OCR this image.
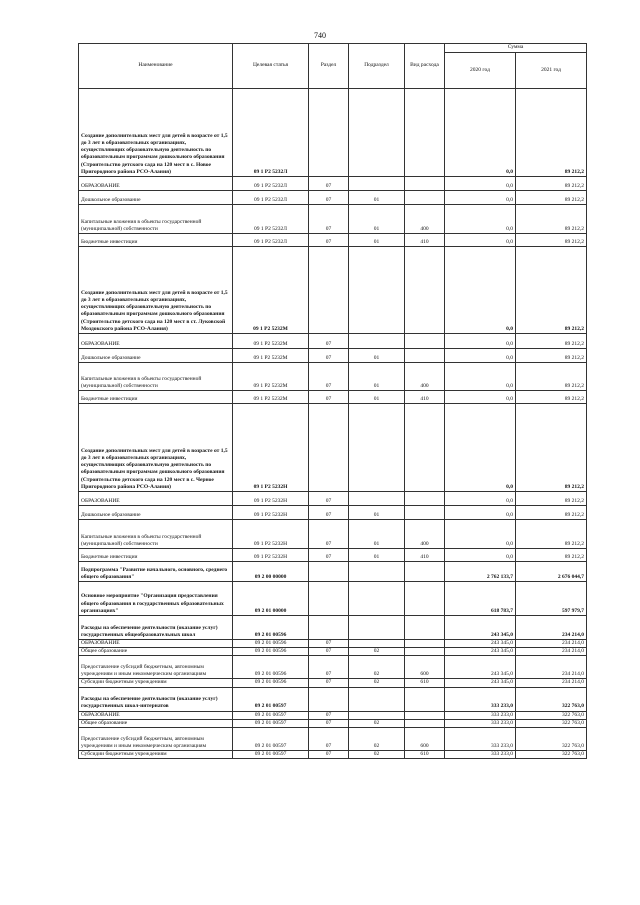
740
Наименование	Целевая статья	Раздел	Подраздел	Вид расхода	Сумма	
					2020 год	2021 год
Создание дополнительных мест для детей в возрасте от 1,5 до 3 лет в образовательных организациях, осуществляющих образовательную деятельность по образовательным программам дошкольного образования (Строительство детского сада на 120 мест в с. Новое Пригородного района РСО-Алания)	09 1 Р2 5232Л				0,0	89 212,2
ОБРАЗОВАНИЕ	09 1 Р2 5232Л	07			0,0	89 212,2
Дошкольное образование	09 1 Р2 5232Л	07	01		0,0	89 212,2
Капитальные вложения в объекты государственной (муниципальной) собственности	09 1 Р2 5232Л	07	01	400	0,0	89 212,2
Бюджетные инвестиции	09 1 Р2 5232Л	07	01	410	0,0	89 212,2
Создание дополнительных мест для детей в возрасте от 1,5 до 3 лет в образовательных организациях, осуществляющих образовательную деятельность по образовательным программам дошкольного образования (Строительство детского сада на 120 мест в ст. Луковской Моздокского района РСО-Алания)	09 1 Р2 5232М				0,0	89 212,2
ОБРАЗОВАНИЕ	09 1 Р2 5232М	07			0,0	89 212,2
Дошкольное образование	09 1 Р2 5232М	07	01		0,0	89 212,2
Капитальные вложения в объекты государственной (муниципальной) собственности	09 1 Р2 5232М	07	01	400	0,0	89 212,2
Бюджетные инвестиции	09 1 Р2 5232М	07	01	410	0,0	89 212,2
Создание дополнительных мест для детей в возрасте от 1,5 до 3 лет в образовательных организациях, осуществляющих образовательную деятельность по образовательным программам дошкольного образования (Строительство детского сада на 120 мест в с. Черное Пригородного района РСО-Алания)	09 1 Р2 5232Н				0,0	89 212,2
ОБРАЗОВАНИЕ	09 1 Р2 5232Н	07			0,0	89 212,2
Дошкольное образование	09 1 Р2 5232Н	07	01		0,0	89 212,2
Капитальные вложения в объекты государственной (муниципальной) собственности	09 1 Р2 5232Н	07	01	400	0,0	89 212,2
Бюджетные инвестиции	09 1 Р2 5232Н	07	01	410	0,0	89 212,2
Подпрограмма "Развитие начального, основного, среднего общего образования"	09 2 00 00000				2 762 133,7	2 676 044,7
Основное мероприятие "Организация предоставления общего образования в государственных образовательных организациях"	09 2 01 00000				618 783,7	597 979,7
Расходы на обеспечение деятельности (оказание услуг) государственных общеобразовательных школ	09 2 01 00596				243 345,0	234 214,0
ОБРАЗОВАНИЕ	09 2 01 00596	07			243 345,0	234 214,0
Общее образование	09 2 01 00596	07	02		243 345,0	234 214,0
Предоставление субсидий бюджетным, автономным учреждениям и иным некоммерческим организациям	09 2 01 00596	07	02	600	243 345,0	234 214,0
Субсидии бюджетным учреждениям	09 2 01 00596	07	02	610	243 345,0	234 214,0
Расходы на обеспечение деятельности (оказание услуг) государственных школ-интернатов	09 2 01 00597				333 233,0	322 763,0
ОБРАЗОВАНИЕ	09 2 01 00597	07			333 233,0	322 763,0
Общее образование	09 2 01 00597	07	02		333 233,0	322 763,0
Предоставление субсидий бюджетным, автономным учреждениям и иным некоммерческим организациям	09 2 01 00597	07	02	600	333 233,0	322 763,0
Субсидии бюджетным учреждениям	09 2 01 00597	07	02	610	333 233,0	322 763,0
